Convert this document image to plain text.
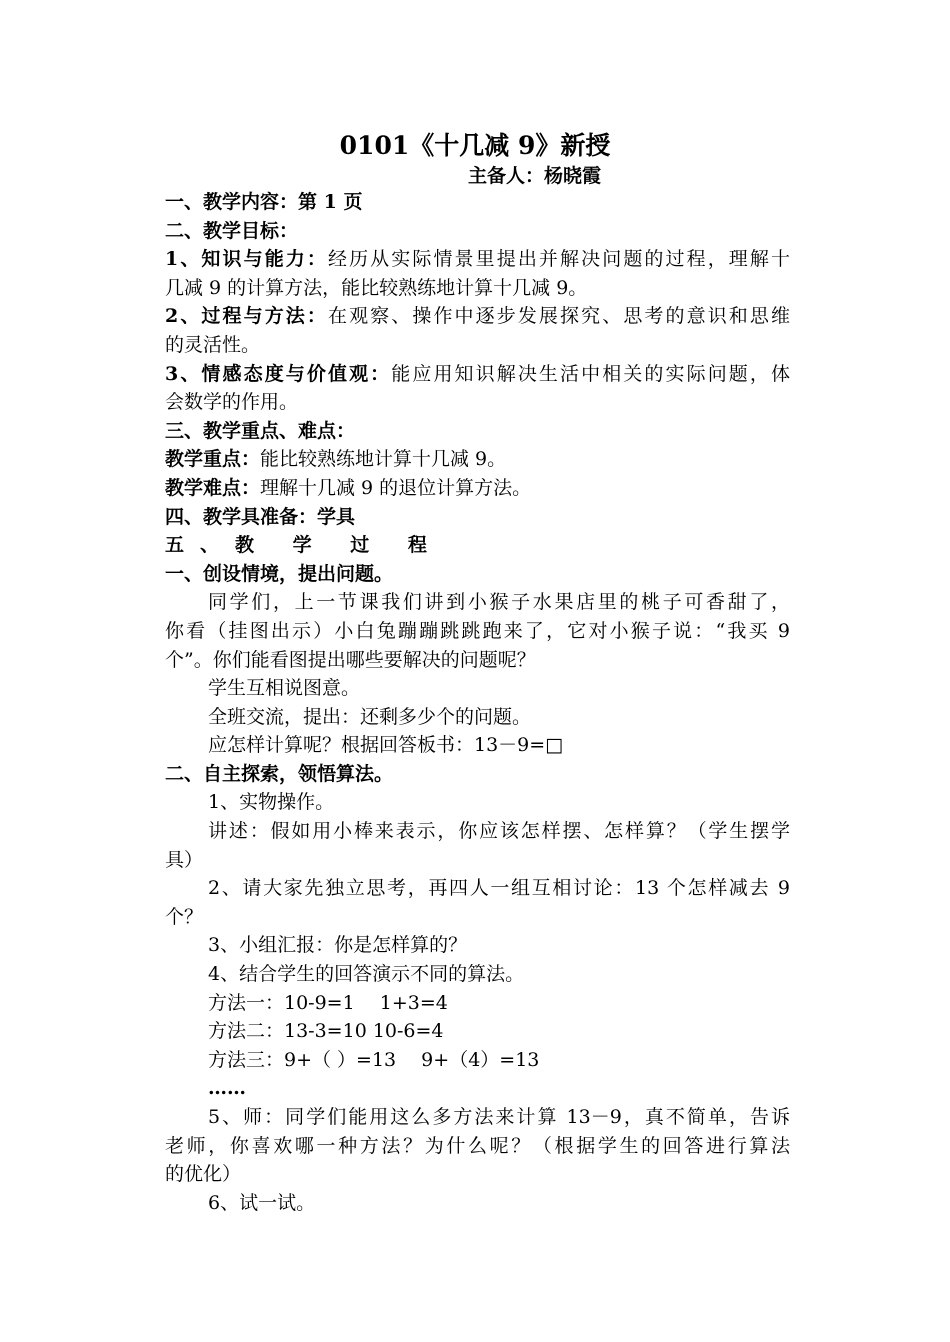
0101《十几减 9》新授
主备人：杨晓霞
一、教学内容：第 1 页
二、教学目标：
1、知识与能力：经历从实际情景里提出并解决问题的过程，理解十
几减 9 的计算方法，能比较熟练地计算十几减 9。
2、过程与方法：在观察、操作中逐步发展探究、思考的意识和思维
的灵活性。
3、情感态度与价值观：能应用知识解决生活中相关的实际问题，体
会数学的作用。
三、教学重点、难点：
教学重点：能比较熟练地计算十几减 9。
教学难点：理解十几减 9 的退位计算方法。
四、教学具准备：学具
五、教 学 过 程
一、创设情境，提出问题。
同学们，上一节课我们讲到小猴子水果店里的桃子可香甜了，
你看（挂图出示）小白兔蹦蹦跳跳跑来了，它对小猴子说：“我买 9
个”。你们能看图提出哪些要解决的问题呢？
学生互相说图意。
全班交流，提出：还剩多少个的问题。
应怎样计算呢？根据回答板书：13－9=□
二、自主探索，领悟算法。
1、实物操作。
讲述：假如用小棒来表示，你应该怎样摆、怎样算？（学生摆学
具）
2、请大家先独立思考，再四人一组互相讨论：13 个怎样减去 9
个？
3、小组汇报：你是怎样算的？
4、结合学生的回答演示不同的算法。
方法一：10-9=1　 1+3=4
方法二：13-3=10 10-6=4
方法三：9+（ ）=13　 9+（4）=13
……
5、师：同学们能用这么多方法来计算 13－9，真不简单，告诉
老师，你喜欢哪一种方法？为什么呢？（根据学生的回答进行算法
的优化）
6、试一试。
